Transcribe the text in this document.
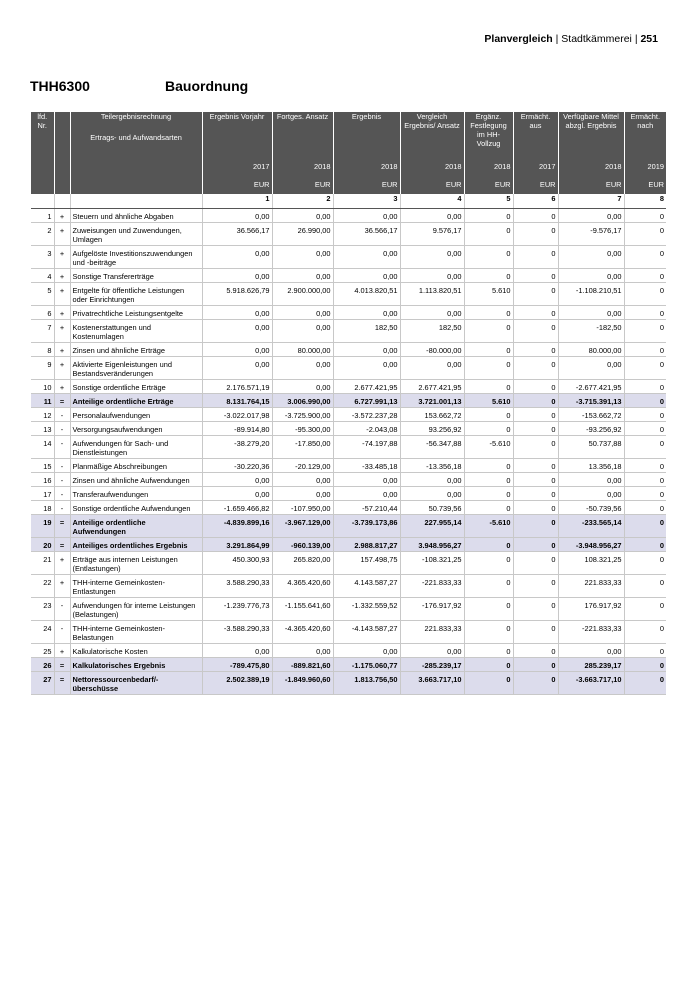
Planvergleich | Stadtkämmerei | 251
THH6300	Bauordnung
lfd. Nr.		Teilergebnisrechnung
Ertrags- und Aufwandsarten	Ergebnis Vorjahr	Fortges. Ansatz	Ergebnis	Vergleich Ergebnis/ Ansatz	Ergänz. Festlegung im HH-Vollzug	Ermächt. aus	Verfügbare Mittel abzgl. Ergebnis	Ermächt. nach
			2017	2018	2018	2018	2018	2017	2018	2019
			EUR	EUR	EUR	EUR	EUR	EUR	EUR	EUR
			1	2	3	4	5	6	7	8
1	+	Steuern und ähnliche Abgaben	0,00	0,00	0,00	0,00	0	0	0,00	0
2	+	Zuweisungen und Zuwendungen, Umlagen	36.566,17	26.990,00	36.566,17	9.576,17	0	0	-9.576,17	0
3	+	Aufgelöste Investitionszuwendungen und -beiträge	0,00	0,00	0,00	0,00	0	0	0,00	0
4	+	Sonstige Transfererträge	0,00	0,00	0,00	0,00	0	0	0,00	0
5	+	Entgelte für öffentliche Leistungen oder Einrichtungen	5.918.626,79	2.900.000,00	4.013.820,51	1.113.820,51	5.610	0	-1.108.210,51	0
6	+	Privatrechtliche Leistungsentgelte	0,00	0,00	0,00	0,00	0	0	0,00	0
7	+	Kostenerstattungen und Kostenumlagen	0,00	0,00	182,50	182,50	0	0	-182,50	0
8	+	Zinsen und ähnliche Erträge	0,00	80.000,00	0,00	-80.000,00	0	0	80.000,00	0
9	+	Aktivierte Eigenleistungen und Bestandsveränderungen	0,00	0,00	0,00	0,00	0	0	0,00	0
10	+	Sonstige ordentliche Erträge	2.176.571,19	0,00	2.677.421,95	2.677.421,95	0	0	-2.677.421,95	0
11	=	Anteilige ordentliche Erträge	8.131.764,15	3.006.990,00	6.727.991,13	3.721.001,13	5.610	0	-3.715.391,13	0
12	-	Personalaufwendungen	-3.022.017,98	-3.725.900,00	-3.572.237,28	153.662,72	0	0	-153.662,72	0
13	-	Versorgungsaufwendungen	-89.914,80	-95.300,00	-2.043,08	93.256,92	0	0	-93.256,92	0
14	-	Aufwendungen für Sach- und Dienstleistungen	-38.279,20	-17.850,00	-74.197,88	-56.347,88	-5.610	0	50.737,88	0
15	-	Planmäßige Abschreibungen	-30.220,36	-20.129,00	-33.485,18	-13.356,18	0	0	13.356,18	0
16	-	Zinsen und ähnliche Aufwendungen	0,00	0,00	0,00	0,00	0	0	0,00	0
17	-	Transferaufwendungen	0,00	0,00	0,00	0,00	0	0	0,00	0
18	-	Sonstige ordentliche Aufwendungen	-1.659.466,82	-107.950,00	-57.210,44	50.739,56	0	0	-50.739,56	0
19	=	Anteilige ordentliche Aufwendungen	-4.839.899,16	-3.967.129,00	-3.739.173,86	227.955,14	-5.610	0	-233.565,14	0
20	=	Anteiliges ordentliches Ergebnis	3.291.864,99	-960.139,00	2.988.817,27	3.948.956,27	0	0	-3.948.956,27	0
21	+	Erträge aus internen Leistungen (Entlastungen)	450.300,93	265.820,00	157.498,75	-108.321,25	0	0	108.321,25	0
22	+	THH-interne Gemeinkosten-Entlastungen	3.588.290,33	4.365.420,60	4.143.587,27	-221.833,33	0	0	221.833,33	0
23	-	Aufwendungen für interne Leistungen (Belastungen)	-1.239.776,73	-1.155.641,60	-1.332.559,52	-176.917,92	0	0	176.917,92	0
24	-	THH-interne Gemeinkosten-Belastungen	-3.588.290,33	-4.365.420,60	-4.143.587,27	221.833,33	0	0	-221.833,33	0
25	+	Kalkulatorische Kosten	0,00	0,00	0,00	0,00	0	0	0,00	0
26	=	Kalkulatorisches Ergebnis	-789.475,80	-889.821,60	-1.175.060,77	-285.239,17	0	0	285.239,17	0
27	=	Nettoressourcenbedarf/- überschüsse	2.502.389,19	-1.849.960,60	1.813.756,50	3.663.717,10	0	0	-3.663.717,10	0
